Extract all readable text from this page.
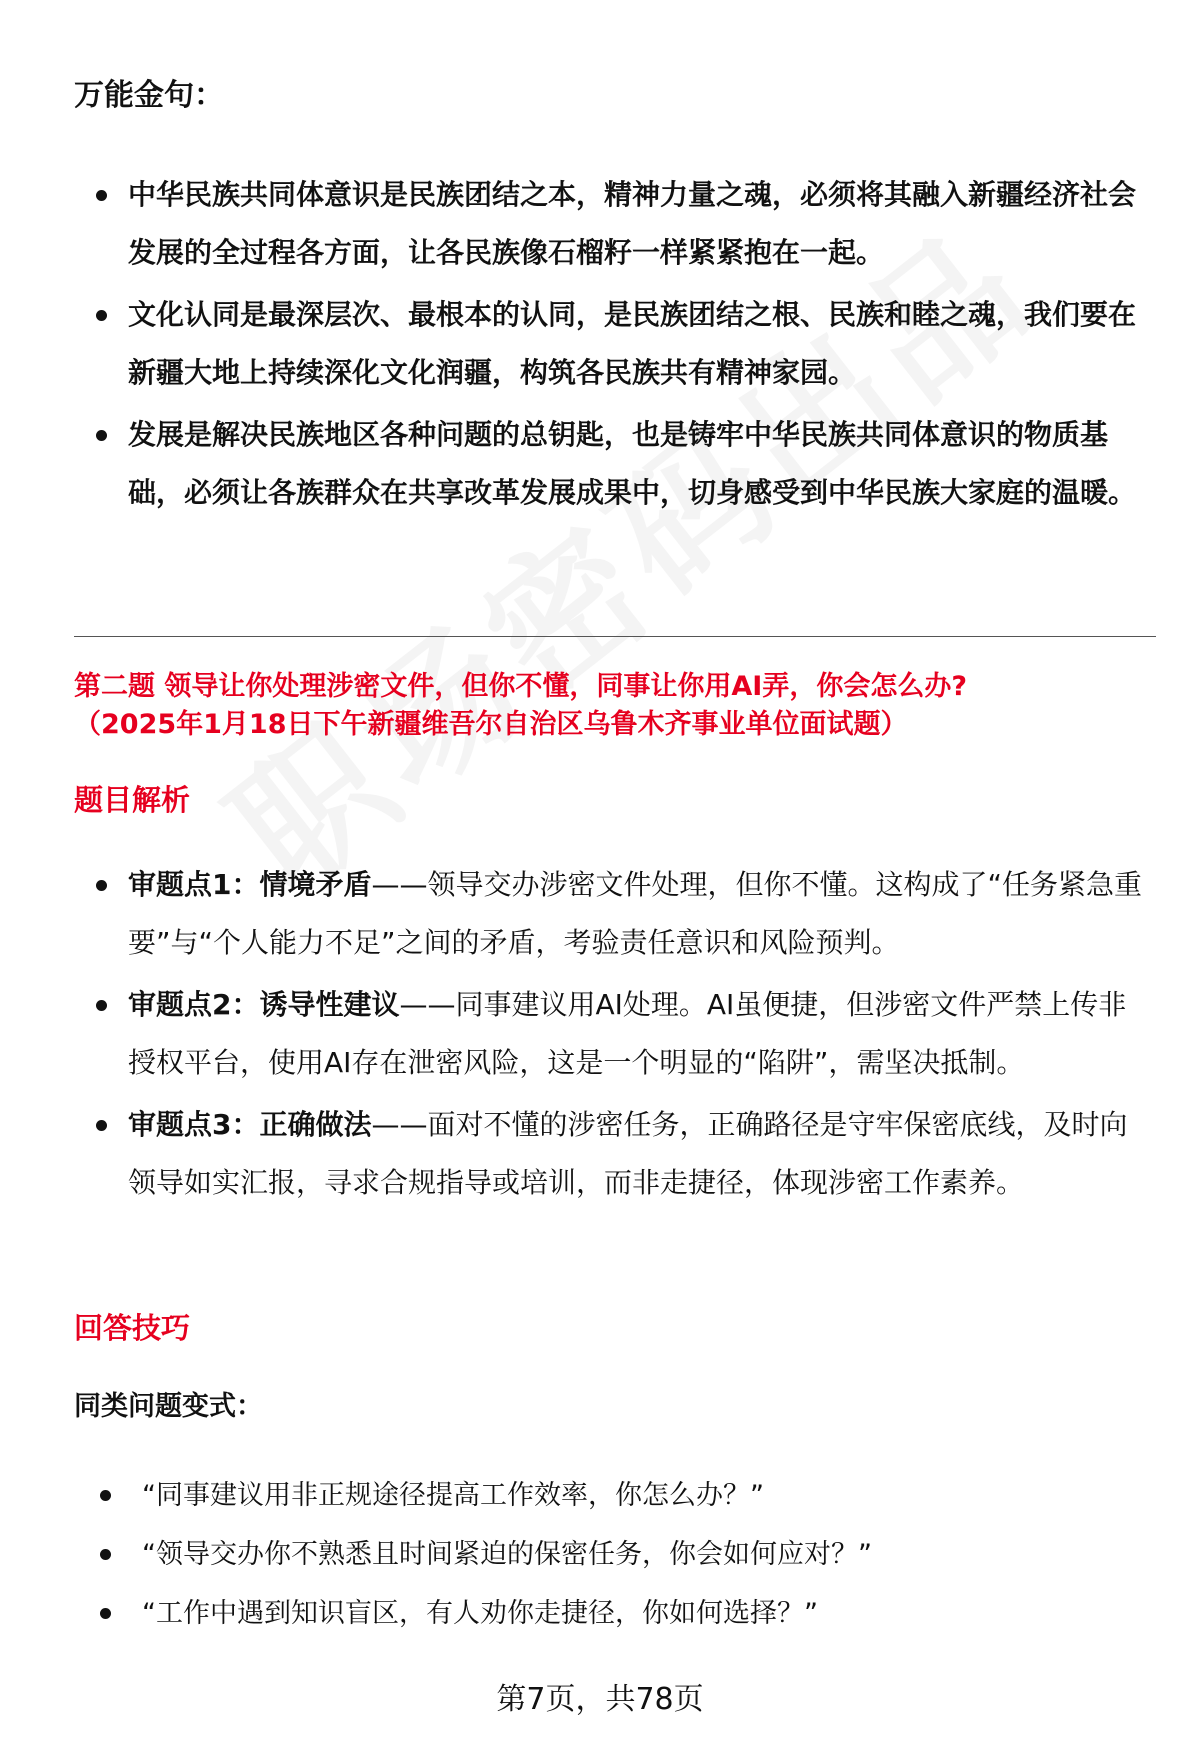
万能金句：
中华民族共同体意识是民族团结之本，精神力量之魂，必须将其融入新疆经济社会发展的全过程各方面，让各民族像石榴籽一样紧紧抱在一起。
文化认同是最深层次、最根本的认同，是民族团结之根、民族和睦之魂，我们要在新疆大地上持续深化文化润疆，构筑各民族共有精神家园。
发展是解决民族地区各种问题的总钥匙，也是铸牢中华民族共同体意识的物质基础，必须让各族群众在共享改革发展成果中，切身感受到中华民族大家庭的温暖。
第二题 领导让你处理涉密文件，但你不懂，同事让你用AI弄，你会怎么办?
（2025年1月18日下午新疆维吾尔自治区乌鲁木齐事业单位面试题）
题目解析
审题点1：情境矛盾——领导交办涉密文件处理，但你不懂。这构成了“任务紧急重要”与“个人能力不足”之间的矛盾，考验责任意识和风险预判。
审题点2：诱导性建议——同事建议用AI处理。AI虽便捷，但涉密文件严禁上传非授权平台，使用AI存在泄密风险，这是一个明显的“陷阱”，需坚决抵制。
审题点3：正确做法——面对不懂的涉密任务，正确路径是守牢保密底线，及时向领导如实汇报，寻求合规指导或培训，而非走捷径，体现涉密工作素养。
回答技巧
同类问题变式：
“同事建议用非正规途径提高工作效率，你怎么办？”
“领导交办你不熟悉且时间紧迫的保密任务，你会如何应对？”
“工作中遇到知识盲区，有人劝你走捷径，你如何选择？”
第7页，共78页
